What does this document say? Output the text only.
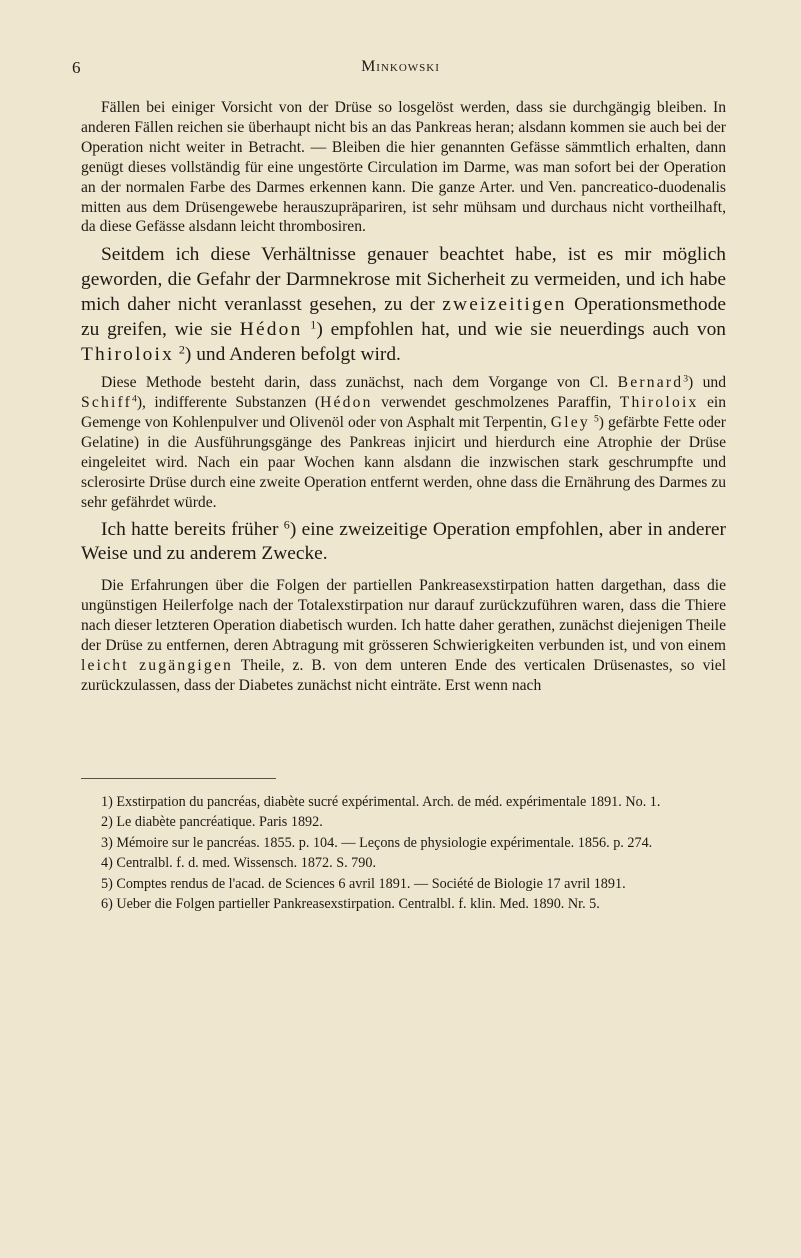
6	Minkowski

Fällen bei einiger Vorsicht von der Drüse so losgelöst werden, dass sie durchgängig bleiben. In anderen Fällen reichen sie überhaupt nicht bis an das Pankreas heran; alsdann kommen sie auch bei der Operation nicht weiter in Betracht. — Bleiben die hier genannten Gefässe sämmtlich erhalten, dann genügt dieses vollständig für eine ungestörte Circulation im Darme, was man sofort bei der Operation an der normalen Farbe des Darmes erkennen kann. Die ganze Arter. und Ven. pancreatico-duodenalis mitten aus dem Drüsengewebe herauszupräpariren, ist sehr mühsam und durchaus nicht vortheilhaft, da diese Gefässe alsdann leicht thrombosiren.

Seitdem ich diese Verhältnisse genauer beachtet habe, ist es mir möglich geworden, die Gefahr der Darmnekrose mit Sicherheit zu vermeiden, und ich habe mich daher nicht veranlasst gesehen, zu der zweizeitigen Operationsmethode zu greifen, wie sie Hédon $^1$) empfohlen hat, und wie sie neuerdings auch von Thiroloix $^2$) und Anderen befolgt wird.

Diese Methode besteht darin, dass zunächst, nach dem Vorgange von Cl. Bernard$^3$) und Schiff$^4$), indifferente Substanzen (Hédon verwendet geschmolzenes Paraffin, Thiroloix ein Gemenge von Kohlenpulver und Olivenöl oder von Asphalt mit Terpentin, Gley $^5$) gefärbte Fette oder Gelatine) in die Ausführungsgänge des Pankreas injicirt und hierdurch eine Atrophie der Drüse eingeleitet wird. Nach ein paar Wochen kann alsdann die inzwischen stark geschrumpfte und sclerosirte Drüse durch eine zweite Operation entfernt werden, ohne dass die Ernährung des Darmes zu sehr gefährdet würde.

Ich hatte bereits früher $^6$) eine zweizeitige Operation empfohlen, aber in anderer Weise und zu anderem Zwecke.

Die Erfahrungen über die Folgen der partiellen Pankreasexstirpation hatten dargethan, dass die ungünstigen Heilerfolge nach der Totalexstirpation nur darauf zurückzuführen waren, dass die Thiere nach dieser letzteren Operation diabetisch wurden. Ich hatte daher gerathen, zunächst diejenigen Theile der Drüse zu entfernen, deren Abtragung mit grösseren Schwierigkeiten verbunden ist, und von einem leicht zugängigen Theile, z. B. von dem unteren Ende des verticalen Drüsenastes, so viel zurückzulassen, dass der Diabetes zunächst nicht einträte. Erst wenn nach

1) Exstirpation du pancréas, diabète sucré expérimental. Arch. de méd. expérimentale 1891. No. 1.
2) Le diabète pancréatique. Paris 1892.
3) Mémoire sur le pancréas. 1855. p. 104. — Leçons de physiologie expérimentale. 1856. p. 274.
4) Centralbl. f. d. med. Wissensch. 1872. S. 790.
5) Comptes rendus de l'acad. de Sciences 6 avril 1891. — Société de Biologie 17 avril 1891.
6) Ueber die Folgen partieller Pankreasexstirpation. Centralbl. f. klin. Med. 1890. Nr. 5.
